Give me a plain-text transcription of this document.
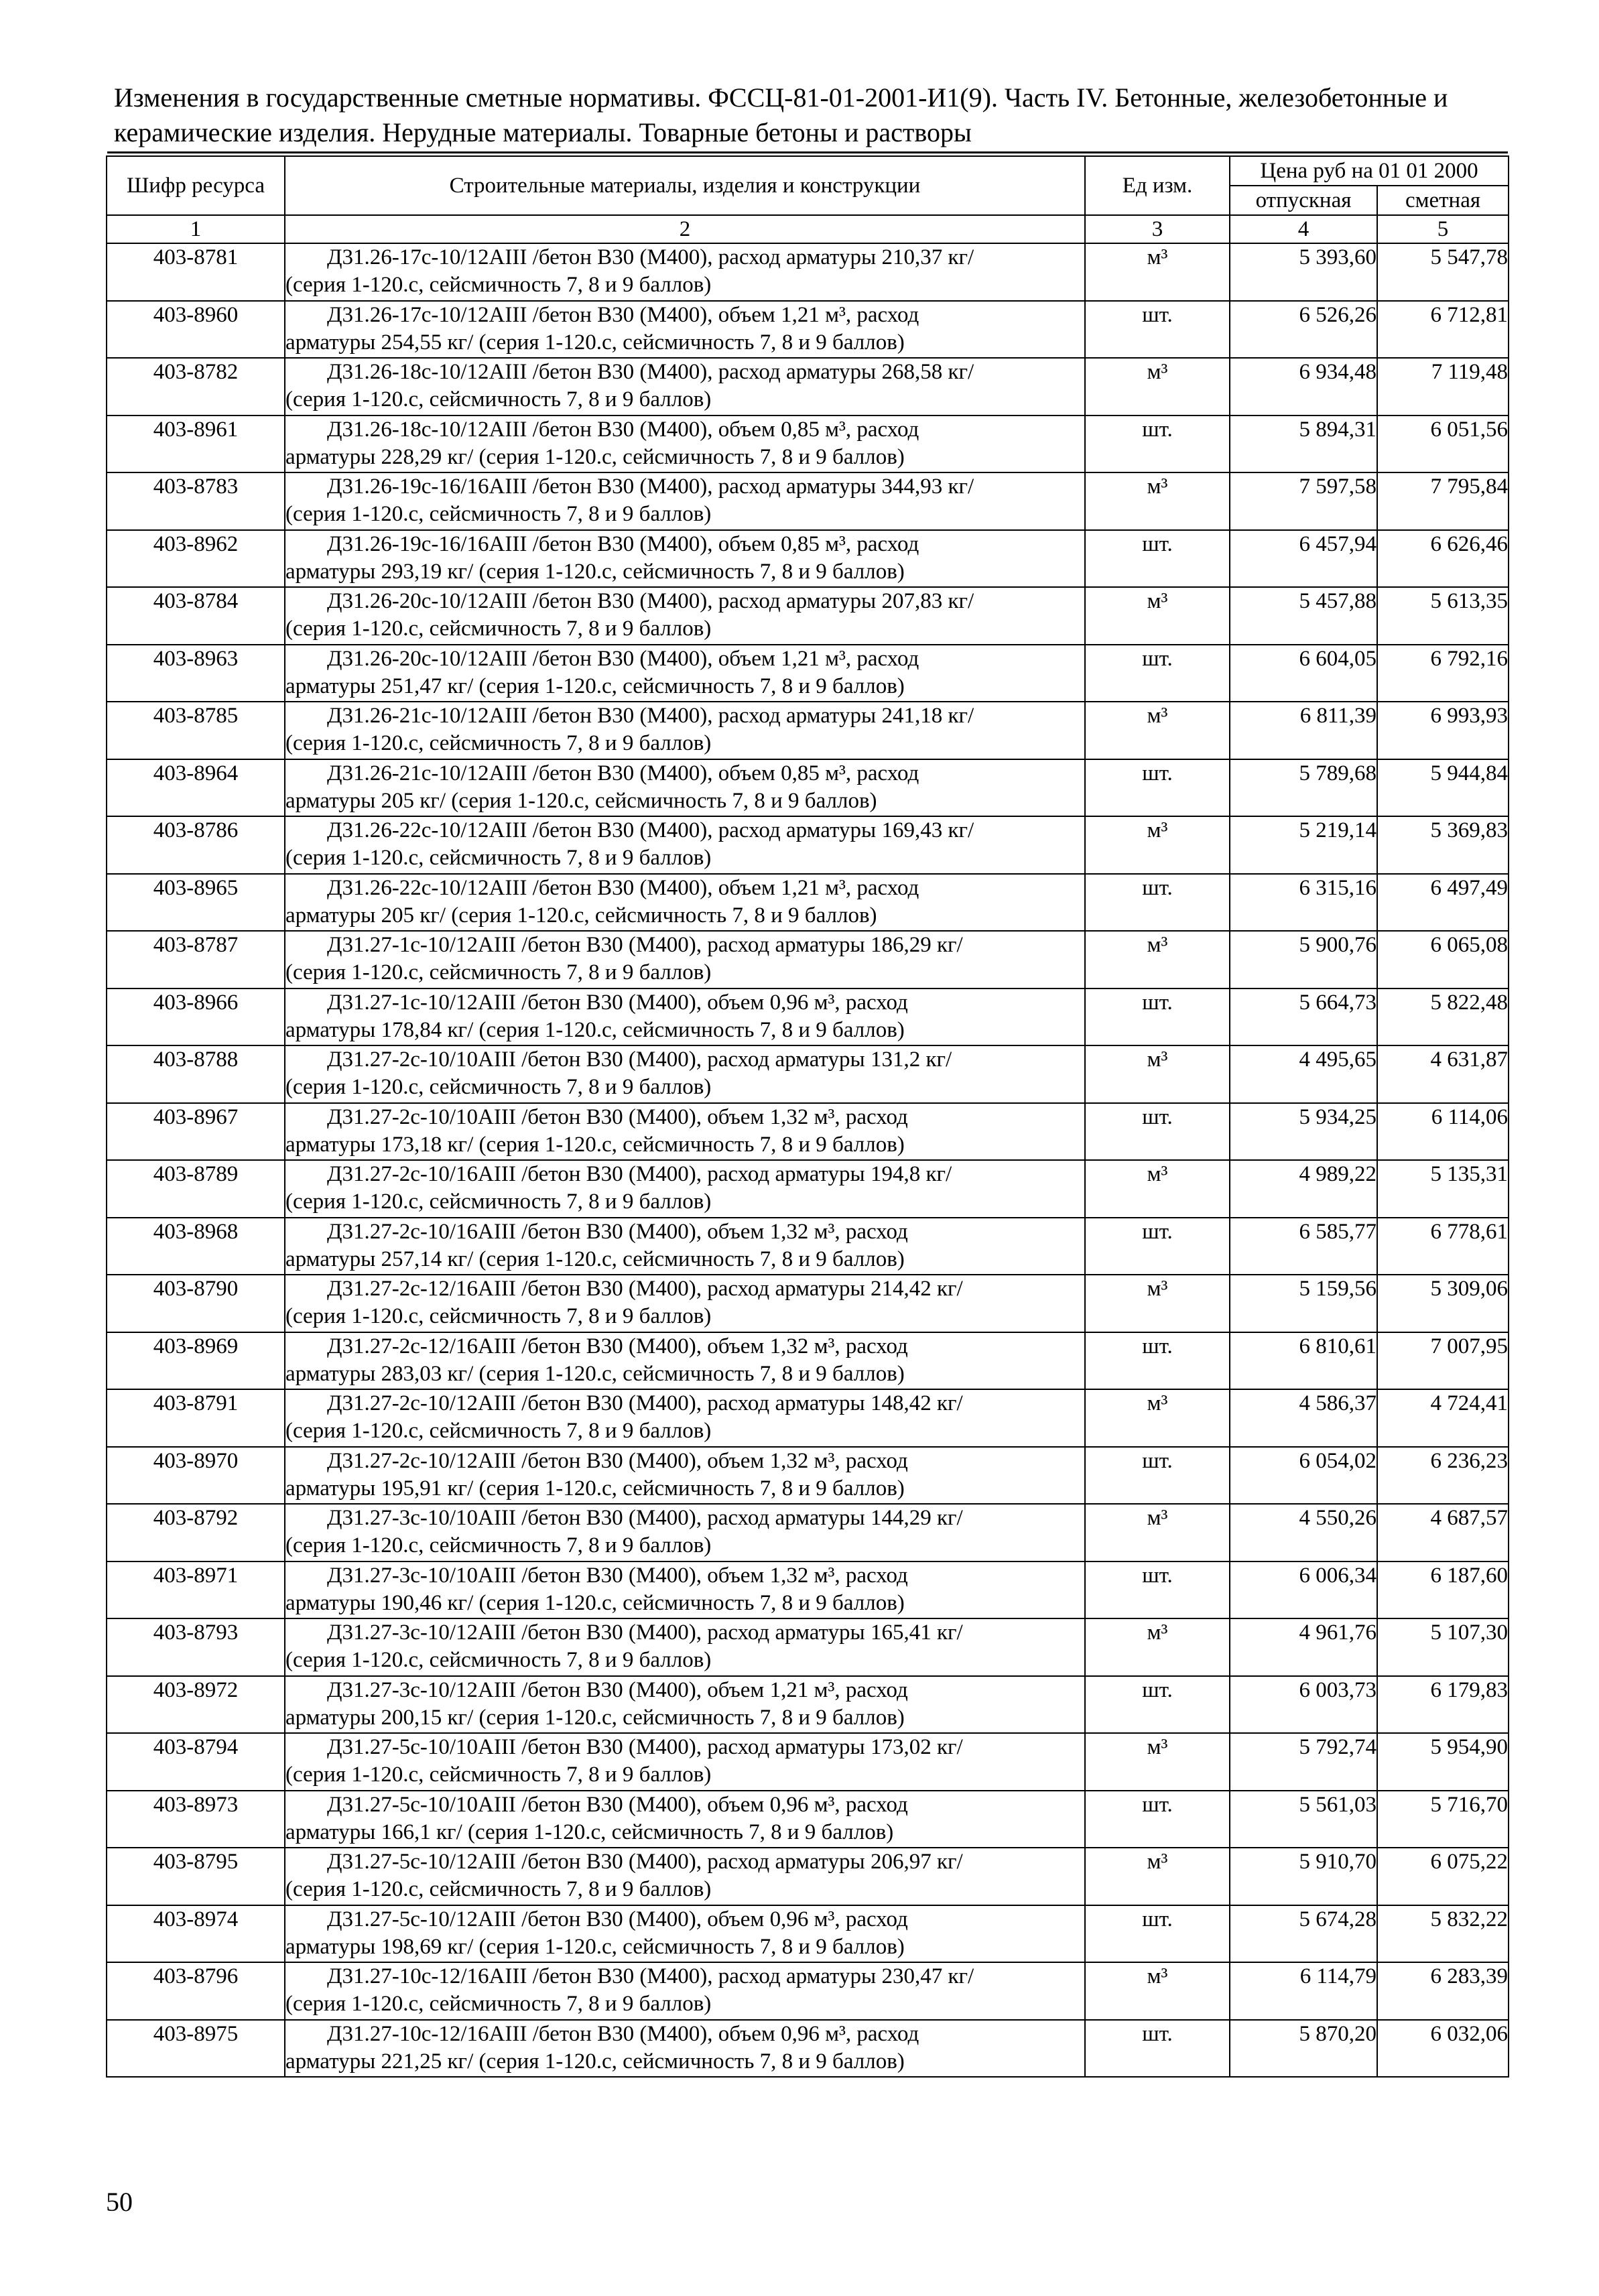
Изменения в государственные сметные нормативы. ФССЦ-81-01-2001-И1(9). Часть IV. Бетонные, железобетонные и керамические изделия. Нерудные материалы. Товарные бетоны и растворы
Шифр ресурса	Строительные материалы, изделия и конструкции	Ед изм.	Цена руб на 01 01 2000	
			отпускная	сметная
1	2	3	4	5
403-8781	Д31.26-17с-10/12АIII /бетон В30 (М400), расход арматуры 210,37 кг/
(серия 1-120.с, сейсмичность 7, 8 и 9 баллов)	м³	5 393,60	5 547,78
403-8960	Д31.26-17с-10/12АIII /бетон В30 (М400), объем 1,21 м³, расход
арматуры 254,55 кг/ (серия 1-120.с, сейсмичность 7, 8 и 9 баллов)	шт.	6 526,26	6 712,81
403-8782	Д31.26-18с-10/12АIII /бетон В30 (М400), расход арматуры 268,58 кг/
(серия 1-120.с, сейсмичность 7, 8 и 9 баллов)	м³	6 934,48	7 119,48
403-8961	Д31.26-18с-10/12АIII /бетон В30 (М400), объем 0,85 м³, расход
арматуры 228,29 кг/ (серия 1-120.с, сейсмичность 7, 8 и 9 баллов)	шт.	5 894,31	6 051,56
403-8783	Д31.26-19с-16/16АIII /бетон В30 (М400), расход арматуры 344,93 кг/
(серия 1-120.с, сейсмичность 7, 8 и 9 баллов)	м³	7 597,58	7 795,84
403-8962	Д31.26-19с-16/16АIII /бетон В30 (М400), объем 0,85 м³, расход
арматуры 293,19 кг/ (серия 1-120.с, сейсмичность 7, 8 и 9 баллов)	шт.	6 457,94	6 626,46
403-8784	Д31.26-20с-10/12АIII /бетон В30 (М400), расход арматуры 207,83 кг/
(серия 1-120.с, сейсмичность 7, 8 и 9 баллов)	м³	5 457,88	5 613,35
403-8963	Д31.26-20с-10/12АIII /бетон В30 (М400), объем 1,21 м³, расход
арматуры 251,47 кг/ (серия 1-120.с, сейсмичность 7, 8 и 9 баллов)	шт.	6 604,05	6 792,16
403-8785	Д31.26-21с-10/12АIII /бетон В30 (М400), расход арматуры 241,18 кг/
(серия 1-120.с, сейсмичность 7, 8 и 9 баллов)	м³	6 811,39	6 993,93
403-8964	Д31.26-21с-10/12АIII /бетон В30 (М400), объем 0,85 м³, расход
арматуры 205 кг/ (серия 1-120.с, сейсмичность 7, 8 и 9 баллов)	шт.	5 789,68	5 944,84
403-8786	Д31.26-22с-10/12АIII /бетон В30 (М400), расход арматуры 169,43 кг/
(серия 1-120.с, сейсмичность 7, 8 и 9 баллов)	м³	5 219,14	5 369,83
403-8965	Д31.26-22с-10/12АIII /бетон В30 (М400), объем 1,21 м³, расход
арматуры 205 кг/ (серия 1-120.с, сейсмичность 7, 8 и 9 баллов)	шт.	6 315,16	6 497,49
403-8787	Д31.27-1с-10/12АIII /бетон В30 (М400), расход арматуры 186,29 кг/
(серия 1-120.с, сейсмичность 7, 8 и 9 баллов)	м³	5 900,76	6 065,08
403-8966	Д31.27-1с-10/12АIII /бетон В30 (М400), объем 0,96 м³, расход
арматуры 178,84 кг/ (серия 1-120.с, сейсмичность 7, 8 и 9 баллов)	шт.	5 664,73	5 822,48
403-8788	Д31.27-2с-10/10АIII /бетон В30 (М400), расход арматуры 131,2 кг/
(серия 1-120.с, сейсмичность 7, 8 и 9 баллов)	м³	4 495,65	4 631,87
403-8967	Д31.27-2с-10/10АIII /бетон В30 (М400), объем 1,32 м³, расход
арматуры 173,18 кг/ (серия 1-120.с, сейсмичность 7, 8 и 9 баллов)	шт.	5 934,25	6 114,06
403-8789	Д31.27-2с-10/16АIII /бетон В30 (М400), расход арматуры 194,8 кг/
(серия 1-120.с, сейсмичность 7, 8 и 9 баллов)	м³	4 989,22	5 135,31
403-8968	Д31.27-2с-10/16АIII /бетон В30 (М400), объем 1,32 м³, расход
арматуры 257,14 кг/ (серия 1-120.с, сейсмичность 7, 8 и 9 баллов)	шт.	6 585,77	6 778,61
403-8790	Д31.27-2с-12/16АIII /бетон В30 (М400), расход арматуры 214,42 кг/
(серия 1-120.с, сейсмичность 7, 8 и 9 баллов)	м³	5 159,56	5 309,06
403-8969	Д31.27-2с-12/16АIII /бетон В30 (М400), объем 1,32 м³, расход
арматуры 283,03 кг/ (серия 1-120.с, сейсмичность 7, 8 и 9 баллов)	шт.	6 810,61	7 007,95
403-8791	Д31.27-2с-10/12АIII /бетон В30 (М400), расход арматуры 148,42 кг/
(серия 1-120.с, сейсмичность 7, 8 и 9 баллов)	м³	4 586,37	4 724,41
403-8970	Д31.27-2с-10/12АIII /бетон В30 (М400), объем 1,32 м³, расход
арматуры 195,91 кг/ (серия 1-120.с, сейсмичность 7, 8 и 9 баллов)	шт.	6 054,02	6 236,23
403-8792	Д31.27-3с-10/10АIII /бетон В30 (М400), расход арматуры 144,29 кг/
(серия 1-120.с, сейсмичность 7, 8 и 9 баллов)	м³	4 550,26	4 687,57
403-8971	Д31.27-3с-10/10АIII /бетон В30 (М400), объем 1,32 м³, расход
арматуры 190,46 кг/ (серия 1-120.с, сейсмичность 7, 8 и 9 баллов)	шт.	6 006,34	6 187,60
403-8793	Д31.27-3с-10/12АIII /бетон В30 (М400), расход арматуры 165,41 кг/
(серия 1-120.с, сейсмичность 7, 8 и 9 баллов)	м³	4 961,76	5 107,30
403-8972	Д31.27-3с-10/12АIII /бетон В30 (М400), объем 1,21 м³, расход
арматуры 200,15 кг/ (серия 1-120.с, сейсмичность 7, 8 и 9 баллов)	шт.	6 003,73	6 179,83
403-8794	Д31.27-5с-10/10АIII /бетон В30 (М400), расход арматуры 173,02 кг/
(серия 1-120.с, сейсмичность 7, 8 и 9 баллов)	м³	5 792,74	5 954,90
403-8973	Д31.27-5с-10/10АIII /бетон В30 (М400), объем 0,96 м³, расход
арматуры 166,1 кг/ (серия 1-120.с, сейсмичность 7, 8 и 9 баллов)	шт.	5 561,03	5 716,70
403-8795	Д31.27-5с-10/12АIII /бетон В30 (М400), расход арматуры 206,97 кг/
(серия 1-120.с, сейсмичность 7, 8 и 9 баллов)	м³	5 910,70	6 075,22
403-8974	Д31.27-5с-10/12АIII /бетон В30 (М400), объем 0,96 м³, расход
арматуры 198,69 кг/ (серия 1-120.с, сейсмичность 7, 8 и 9 баллов)	шт.	5 674,28	5 832,22
403-8796	Д31.27-10с-12/16АIII /бетон В30 (М400), расход арматуры 230,47 кг/
(серия 1-120.с, сейсмичность 7, 8 и 9 баллов)	м³	6 114,79	6 283,39
403-8975	Д31.27-10с-12/16АIII /бетон В30 (М400), объем 0,96 м³, расход
арматуры 221,25 кг/ (серия 1-120.с, сейсмичность 7, 8 и 9 баллов)	шт.	5 870,20	6 032,06
50
